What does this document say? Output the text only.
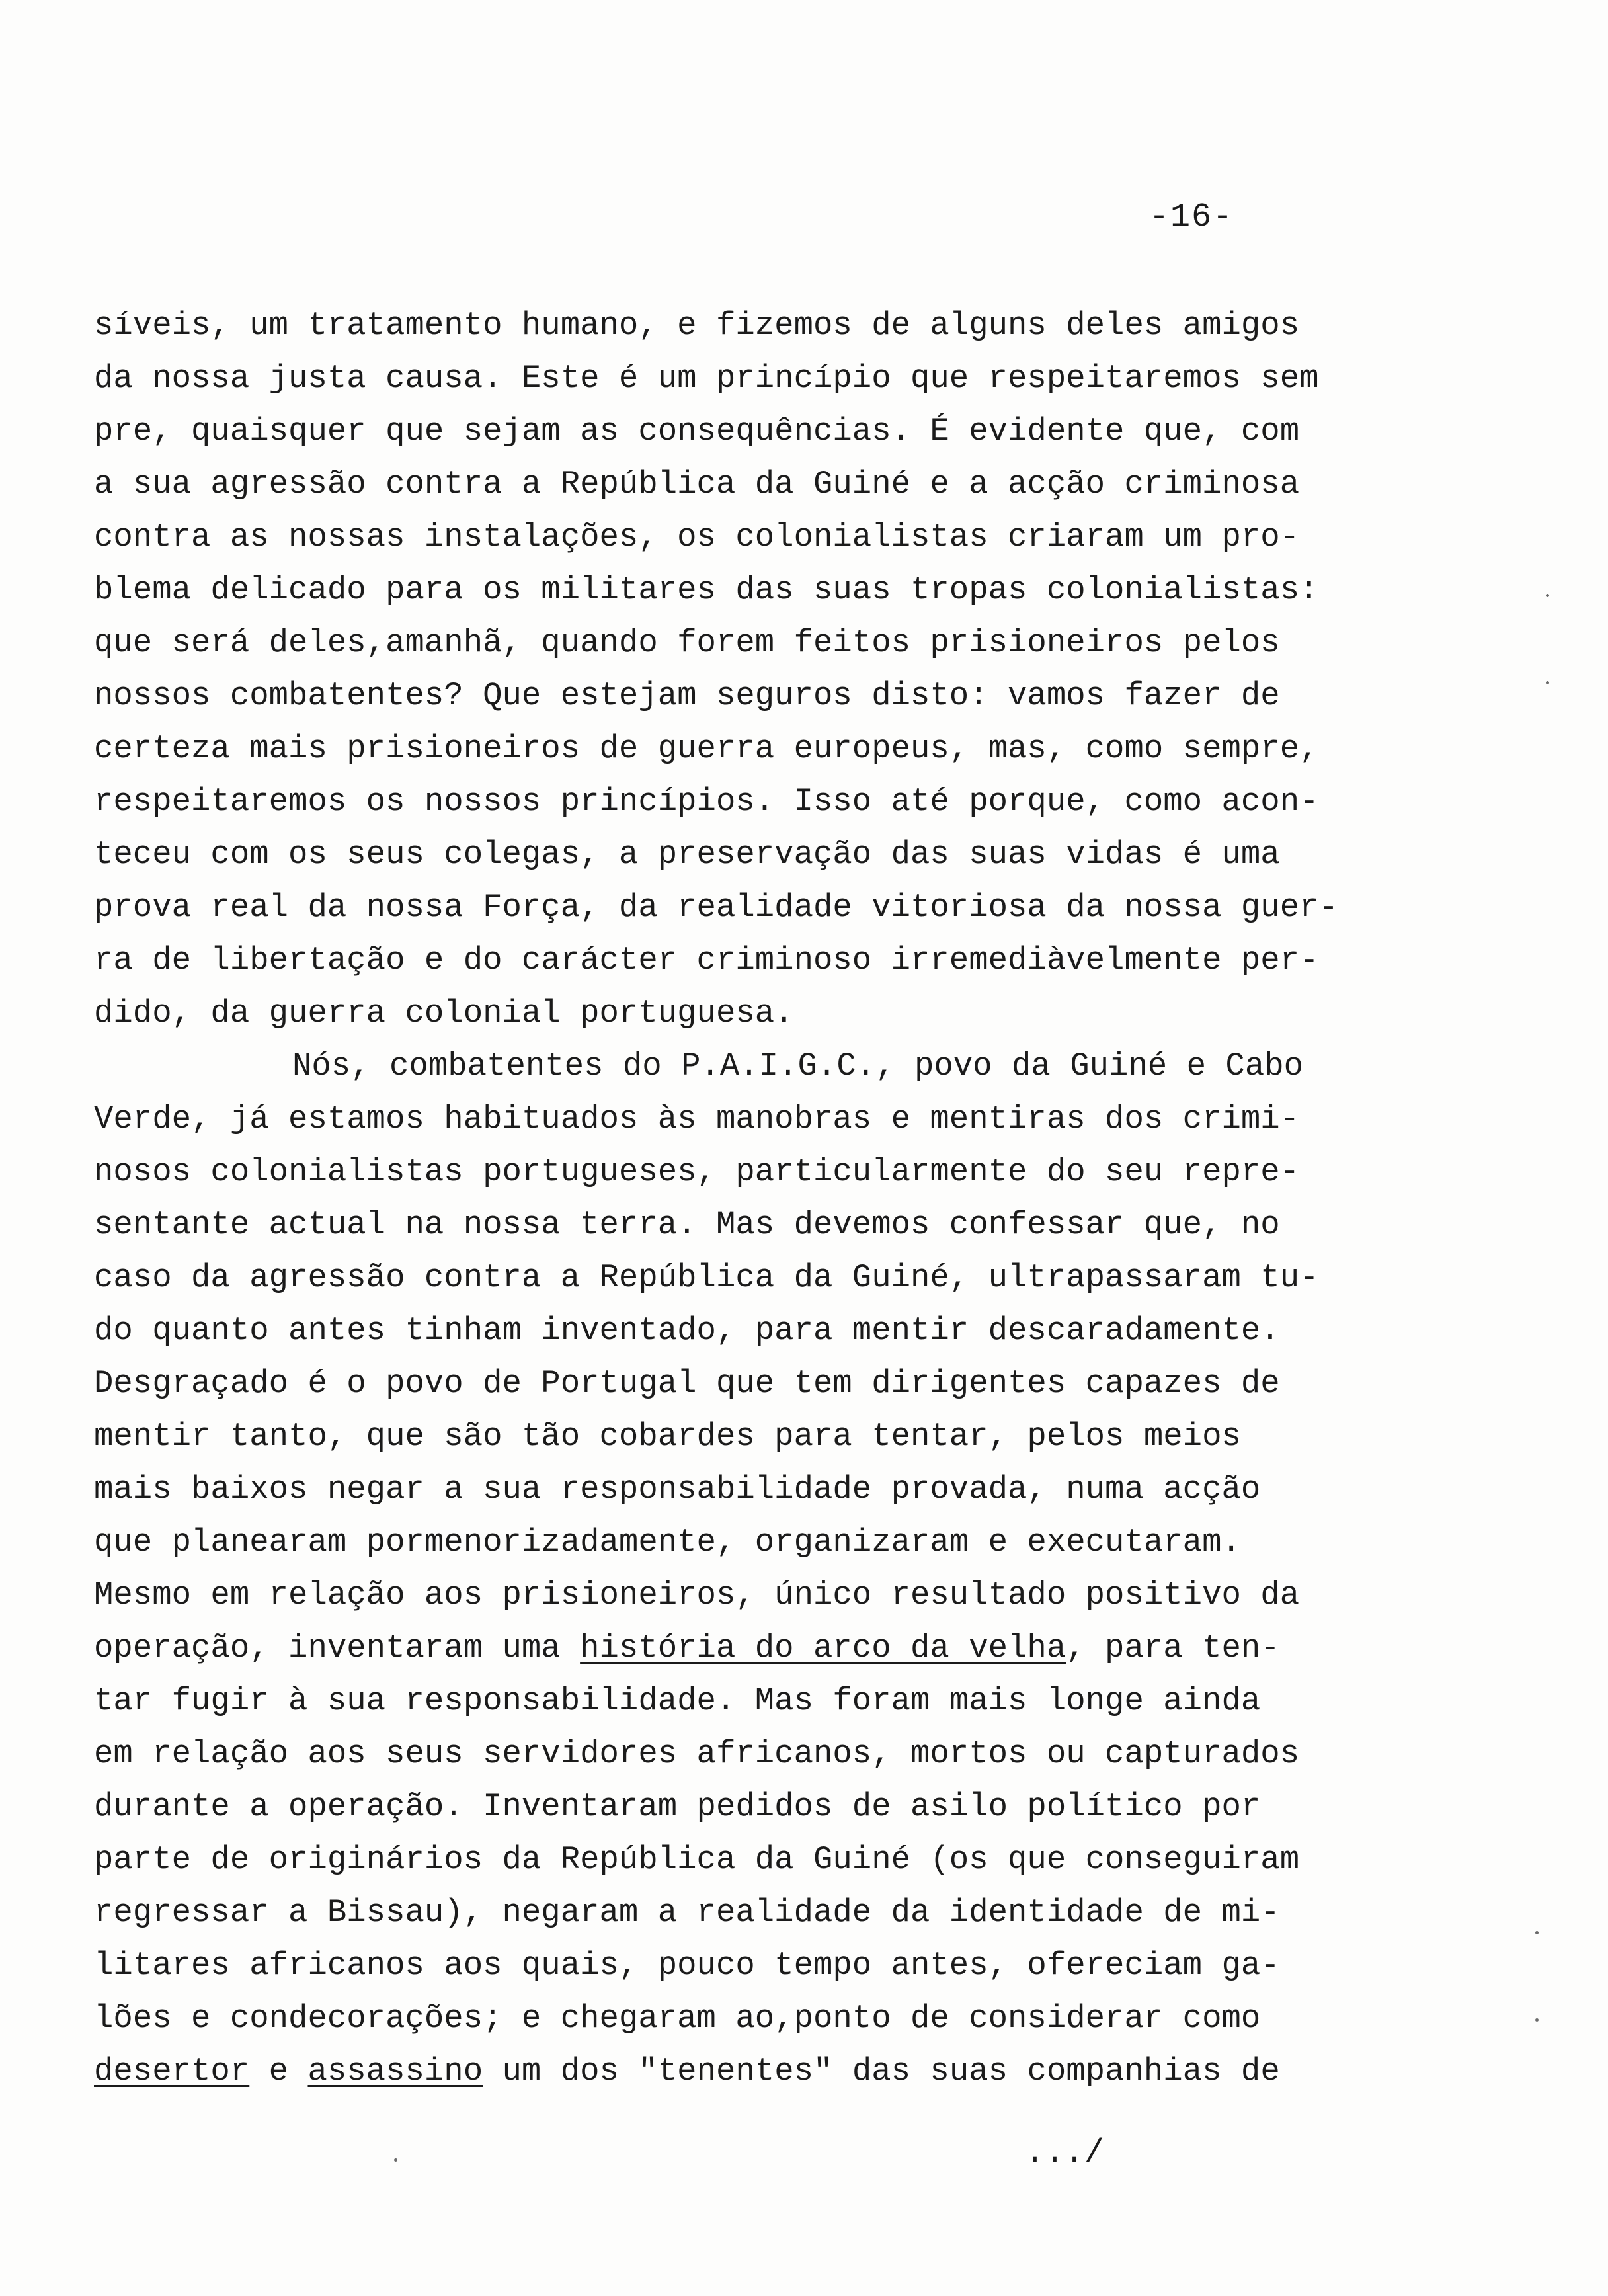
-16-
síveis, um tratamento humano, e fizemos de alguns deles amigos
da nossa justa causa. Este é um princípio que respeitaremos sem
pre, quaisquer que sejam as consequências. É evidente que, com
a sua agressão contra a República da Guiné e a acção criminosa
contra as nossas instalações, os colonialistas criaram um pro-
blema delicado para os militares das suas tropas colonialistas:
que será deles,amanhã, quando forem feitos prisioneiros pelos
nossos combatentes? Que estejam seguros disto: vamos fazer de
certeza mais prisioneiros de guerra europeus, mas, como sempre,
respeitaremos os nossos princípios. Isso até porque, como acon-
teceu com os seus colegas, a preservação das suas vidas é uma
prova real da nossa Força, da realidade vitoriosa da nossa guer-
ra de libertação e do carácter criminoso irremediàvelmente per-
dido, da guerra colonial portuguesa.
Nós, combatentes do P.A.I.G.C., povo da Guiné e Cabo
Verde, já estamos habituados às manobras e mentiras dos crimi-
nosos colonialistas portugueses, particularmente do seu repre-
sentante actual na nossa terra. Mas devemos confessar que, no
caso da agressão contra a República da Guiné, ultrapassaram tu-
do quanto antes tinham inventado, para mentir descaradamente.
Desgraçado é o povo de Portugal que tem dirigentes capazes de
mentir tanto, que são tão cobardes para tentar, pelos meios
mais baixos negar a sua responsabilidade provada, numa acção
que planearam pormenorizadamente, organizaram e executaram.
Mesmo em relação aos prisioneiros, único resultado positivo da
operação, inventaram uma história do arco da velha, para ten-
tar fugir à sua responsabilidade. Mas foram mais longe ainda
em relação aos seus servidores africanos, mortos ou capturados
durante a operação. Inventaram pedidos de asilo político por
parte de originários da República da Guiné (os que conseguiram
regressar a Bissau), negaram a realidade da identidade de mi-
litares africanos aos quais, pouco tempo antes, ofereciam ga-
lões e condecorações; e chegaram ao,ponto de considerar como
desertor e assassino um dos "tenentes" das suas companhias de
.../
